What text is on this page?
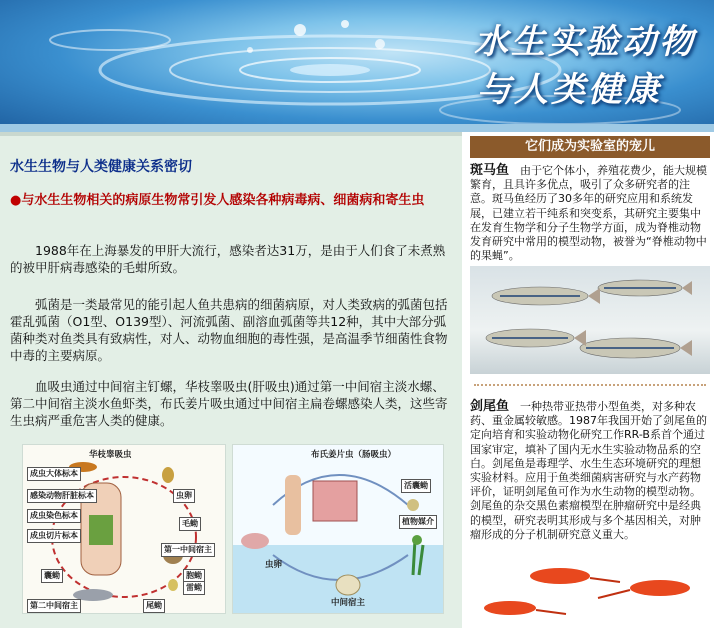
水生实验动物
与人类健康
水生生物与人类健康关系密切
●与水生生物相关的病原生物常引发人感染各种病毒病、细菌病和寄生虫
1988年在上海暴发的甲肝大流行，感染者达31万，是由于人们食了未煮熟的被甲肝病毒感染的毛蚶所致。
弧菌是一类最常见的能引起人鱼共患病的细菌病原，对人类致病的弧菌包括霍乱弧菌（O1型、O139型）、河流弧菌、副溶血弧菌等共12种，其中大部分弧菌种类对鱼类具有致病性，对人、动物血细胞的毒性强，是高温季节细菌性食物中毒的主要病原。
血吸虫通过中间宿主钉螺，华枝睾吸虫(肝吸虫)通过第一中间宿主淡水螺、第二中间宿主淡水鱼虾类，布氏姜片吸虫通过中间宿主扁卷螺感染人类，这些寄生虫病严重危害人类的健康。
华枝睾吸虫
成虫大体标本
感染动物肝脏标本
成虫染色标本
成虫切片标本
虫卵
毛蚴
胞蚴
雷蚴
尾蚴
囊蚴
第一中间宿主
第二中间宿主
布氏姜片虫（肠吸虫）
活囊蚴
植物媒介
虫卵
中间宿主
它们成为实验室的宠儿
斑马鱼　由于它个体小，养殖花费少，能大规模繁育，且具许多优点，吸引了众多研究者的注意。斑马鱼经历了30多年的研究应用和系统发展，已建立若干纯系和突变系，其研究主要集中在发育生物学和分子生物学方面，成为脊椎动物发育研究中常用的模型动物，被誉为“脊椎动物中的果蝇”。
剑尾鱼　一种热带亚热带小型鱼类，对多种农药、重金属较敏感。1987年我国开始了剑尾鱼的定向培育和实验动物化研究工作RR-B系首个通过国家审定，填补了国内无水生实验动物品系的空白。剑尾鱼是毒理学、水生生态环境研究的理想实验材料。应用于鱼类细菌病害研究与水产药物评价，证明剑尾鱼可作为水生动物的模型动物。剑尾鱼的杂交黑色素瘤模型在肿瘤研究中是经典的模型，研究表明其形成与多个基因相关，对肿瘤形成的分子机制研究意义重大。
